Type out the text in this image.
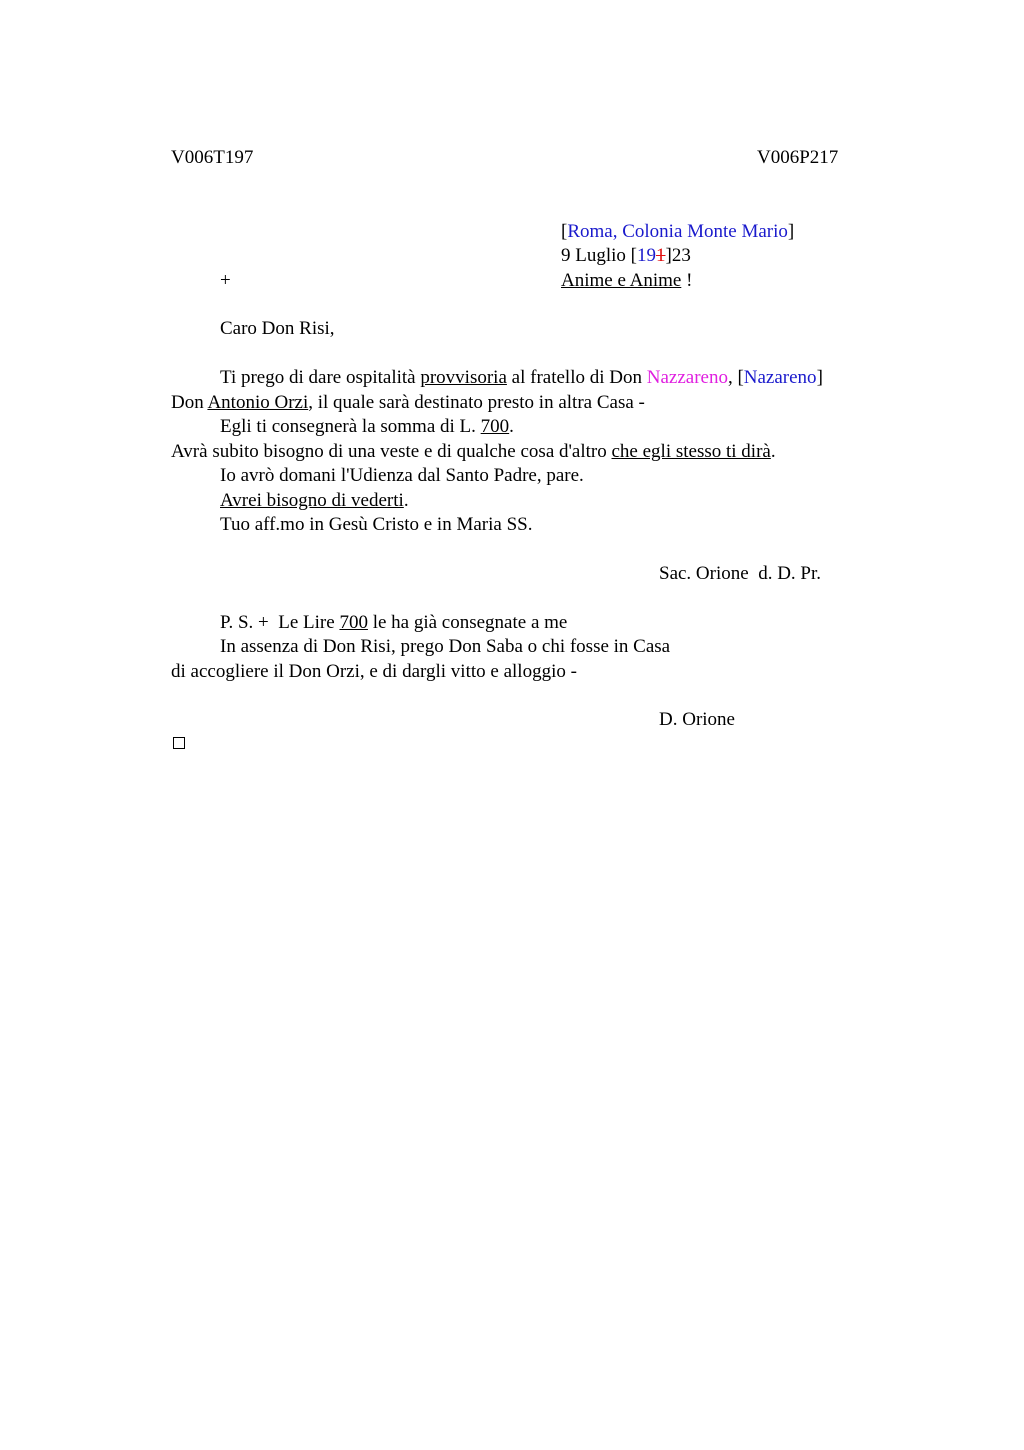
V006T197	V006P217
[Roma, Colonia Monte Mario]
9 Luglio [191]23
+	Anime e Anime !
Caro Don Risi,
Ti prego di dare ospitalità provvisoria al fratello di Don Nazzareno, [Nazareno]
Don Antonio Orzi, il quale sarà destinato presto in altra Casa -
Egli ti consegnerà la somma di L. 700.
Avrà subito bisogno di una veste e di qualche cosa d'altro che egli stesso ti dirà.
Io avrò domani l'Udienza dal Santo Padre, pare.
Avrei bisogno di vederti.
Tuo aff.mo in Gesù Cristo e in Maria SS.
Sac. Orione  d. D. Pr.
P. S. +  Le Lire 700 le ha già consegnate a me
In assenza di Don Risi, prego Don Saba o chi fosse in Casa
di accogliere il Don Orzi, e di dargli vitto e alloggio -
D. Orione
